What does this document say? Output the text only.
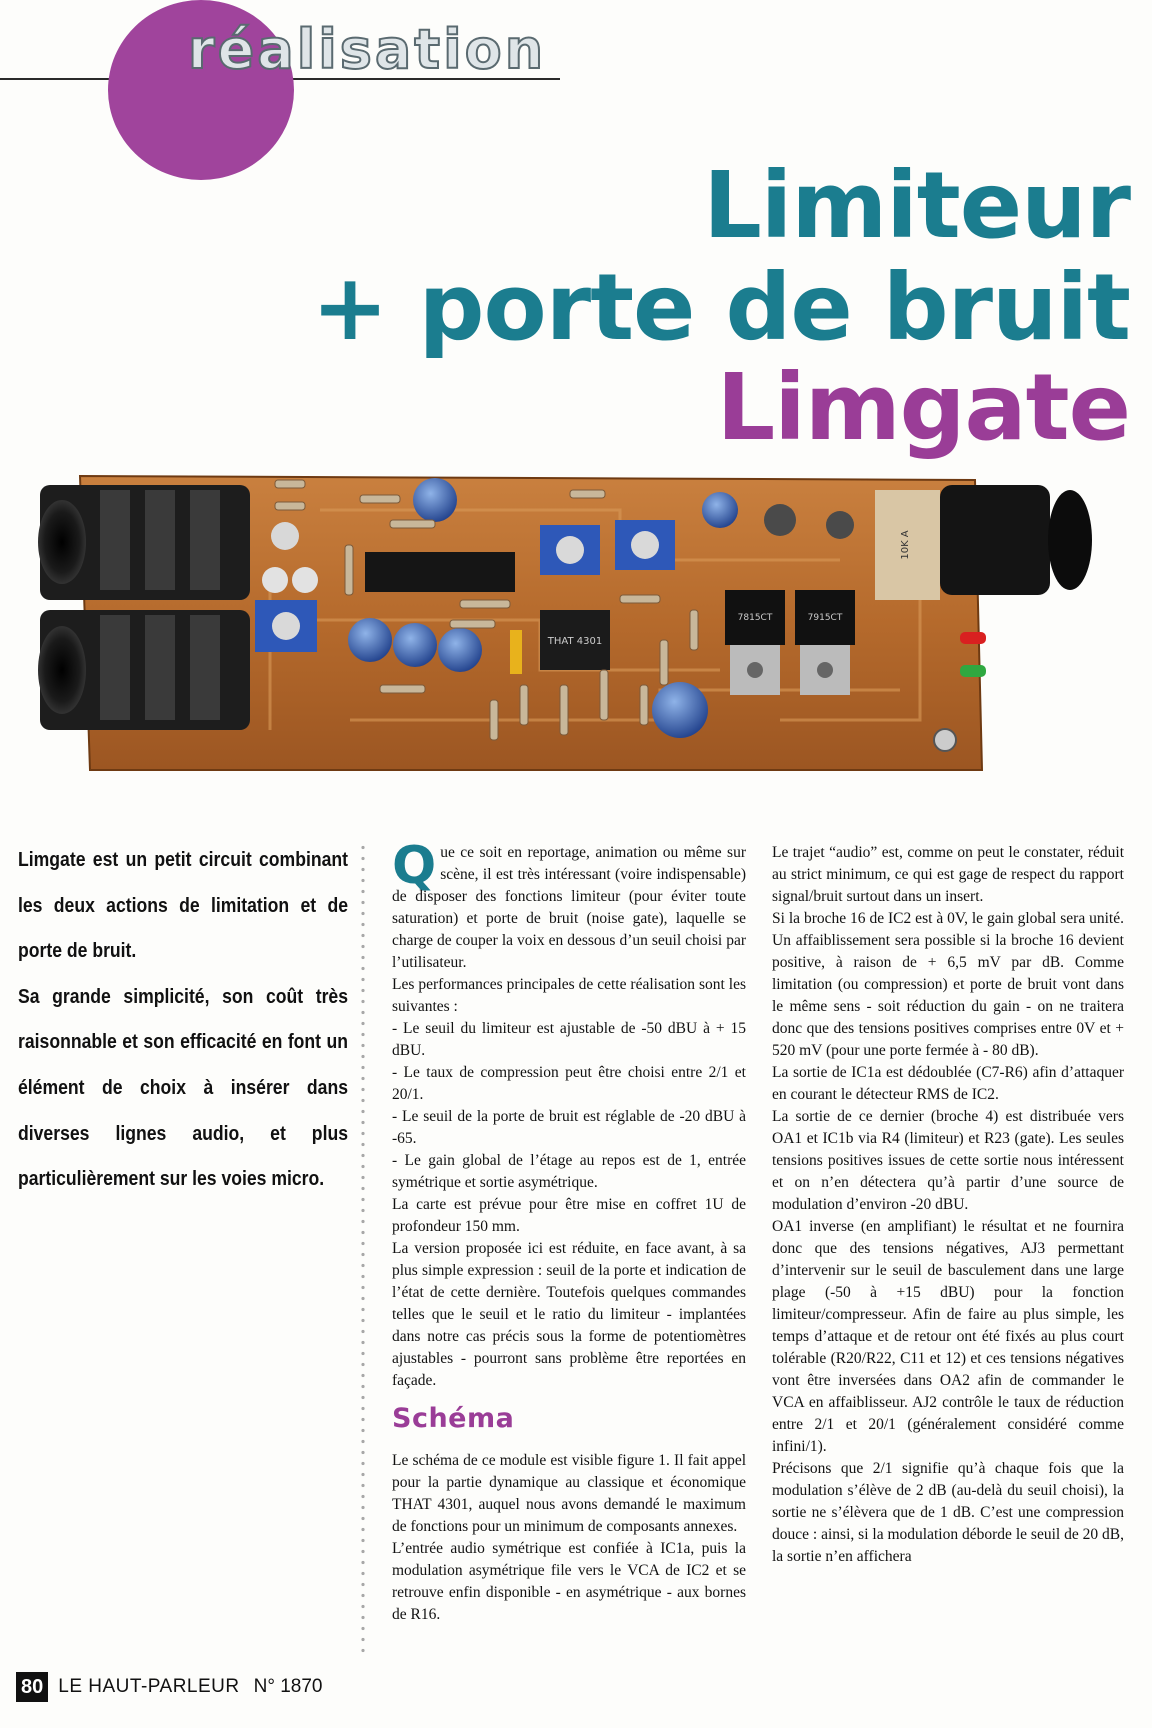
réalisation
Limiteur
+ porte de bruit
Limgate
THAT 4301
7815CT	7915CT
10K A

Limgate est un petit circuit combinant les deux actions de limitation et de porte de bruit.

Sa grande simplicité, son coût très raisonnable et son efficacité en font un élément de choix à insérer dans diverses lignes audio, et plus particulièrement sur les voies micro.

Que ce soit en reportage, animation ou même sur scène, il est très intéressant (voire indispensable) de disposer des fonctions limiteur (pour éviter toute saturation) et porte de bruit (noise gate), laquelle se charge de couper la voix en dessous d’un seuil choisi par l’utilisateur.

Les performances principales de cette réalisation sont les suivantes :

- Le seuil du limiteur est ajustable de -50 dBU à + 15 dBU.

- Le taux de compression peut être choisi entre 2/1 et 20/1.

- Le seuil de la porte de bruit est réglable de -20 dBU à -65.

- Le gain global de l’étage au repos est de 1, entrée symétrique et sortie asymétrique.

La carte est prévue pour être mise en coffret 1U de profondeur 150 mm.

La version proposée ici est réduite, en face avant, à sa plus simple expression : seuil de la porte et indication de l’état de cette dernière. Toutefois quelques commandes telles que le seuil et le ratio du limiteur - implantées dans notre cas précis sous la forme de potentiomètres ajustables - pourront sans problème être reportées en façade.

Schéma

Le schéma de ce module est visible figure 1. Il fait appel pour la partie dynamique au classique et économique THAT 4301, auquel nous avons demandé le maximum de fonctions pour un minimum de composants annexes.

L’entrée audio symétrique est confiée à IC1a, puis la modulation asymétrique file vers le VCA de IC2 et se retrouve enfin disponible - en asymétrique - aux bornes de R16.

Le trajet “audio” est, comme on peut le constater, réduit au strict minimum, ce qui est gage de respect du rapport signal/bruit surtout dans un insert.

Si la broche 16 de IC2 est à 0V, le gain global sera unité. Un affaiblissement sera possible si la broche 16 devient positive, à raison de + 6,5 mV par dB. Comme limitation (ou compression) et porte de bruit vont dans le même sens - soit réduction du gain - on ne traitera donc que des tensions positives comprises entre 0V et + 520 mV (pour une porte fermée à - 80 dB).

La sortie de IC1a est dédoublée (C7-R6) afin d’attaquer en courant le détecteur RMS de IC2.

La sortie de ce dernier (broche 4) est distribuée vers OA1 et IC1b via R4 (limiteur) et R23 (gate). Les seules tensions positives issues de cette sortie nous intéressent et on n’en détectera qu’à partir d’une source de modulation d’environ -20 dBU.

OA1 inverse (en amplifiant) le résultat et ne fournira donc que des tensions négatives, AJ3 permettant d’intervenir sur le seuil de basculement dans une large plage (-50 à +15 dBU) pour la fonction limiteur/compresseur. Afin de faire au plus simple, les temps d’attaque et de retour ont été fixés au plus court tolérable (R20/R22, C11 et 12) et ces tensions négatives vont être inversées dans OA2 afin de commander le VCA en affaiblisseur. AJ2 contrôle le taux de réduction entre 2/1 et 20/1 (généralement considéré comme infini/1).

Précisons que 2/1 signifie qu’à chaque fois que la modulation s’élève de 2 dB (au-delà du seuil choisi), la sortie ne s’élèvera que de 1 dB. C’est une compression douce : ainsi, si la modulation déborde le seuil de 20 dB, la sortie n’en affichera

80 LE HAUT-PARLEUR N° 1870
